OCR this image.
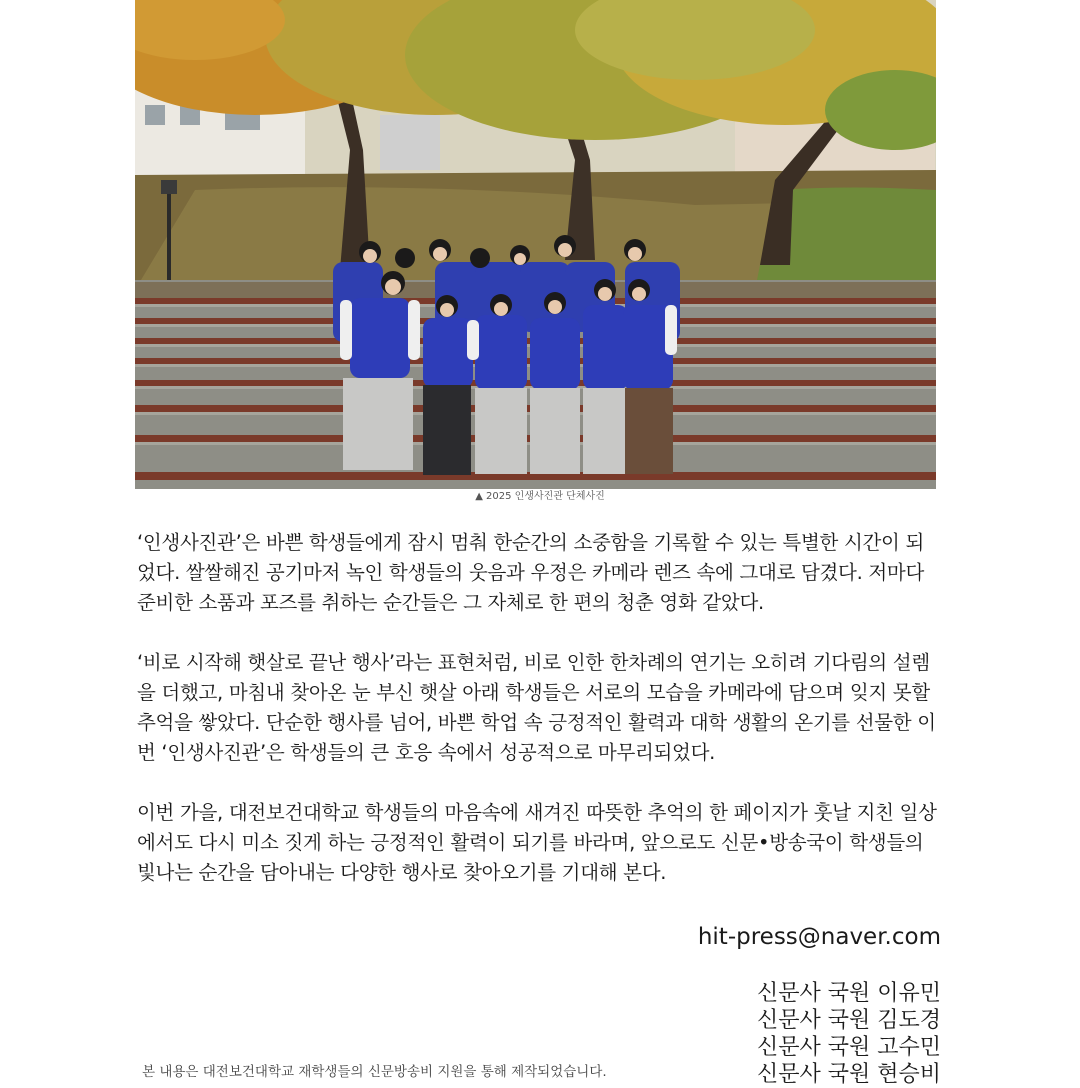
▲ 2025 인생사진관 단체사진

‘인생사진관’은 바쁜 학생들에게 잠시 멈춰 한순간의 소중함을 기록할 수 있는 특별한 시간이 되었다. 쌀쌀해진 공기마저 녹인 학생들의 웃음과 우정은 카메라 렌즈 속에 그대로 담겼다. 저마다 준비한 소품과 포즈를 취하는 순간들은 그 자체로 한 편의 청춘 영화 같았다.

‘비로 시작해 햇살로 끝난 행사’라는 표현처럼, 비로 인한 한차례의 연기는 오히려 기다림의 설렘을 더했고, 마침내 찾아온 눈 부신 햇살 아래 학생들은 서로의 모습을 카메라에 담으며 잊지 못할 추억을 쌓았다. 단순한 행사를 넘어, 바쁜 학업 속 긍정적인 활력과 대학 생활의 온기를 선물한 이번 ‘인생사진관’은 학생들의 큰 호응 속에서 성공적으로 마무리되었다.

이번 가을, 대전보건대학교 학생들의 마음속에 새겨진 따뜻한 추억의 한 페이지가 훗날 지친 일상에서도 다시 미소 짓게 하는 긍정적인 활력이 되기를 바라며, 앞으로도 신문•방송국이 학생들의 빛나는 순간을 담아내는 다양한 행사로 찾아오기를 기대해 본다.

hit-press@naver.com
신문사 국원 이유민
신문사 국원 김도경
신문사 국원 고수민
신문사 국원 현승비
본 내용은 대전보건대학교 재학생들의 신문방송비 지원을 통해 제작되었습니다.
